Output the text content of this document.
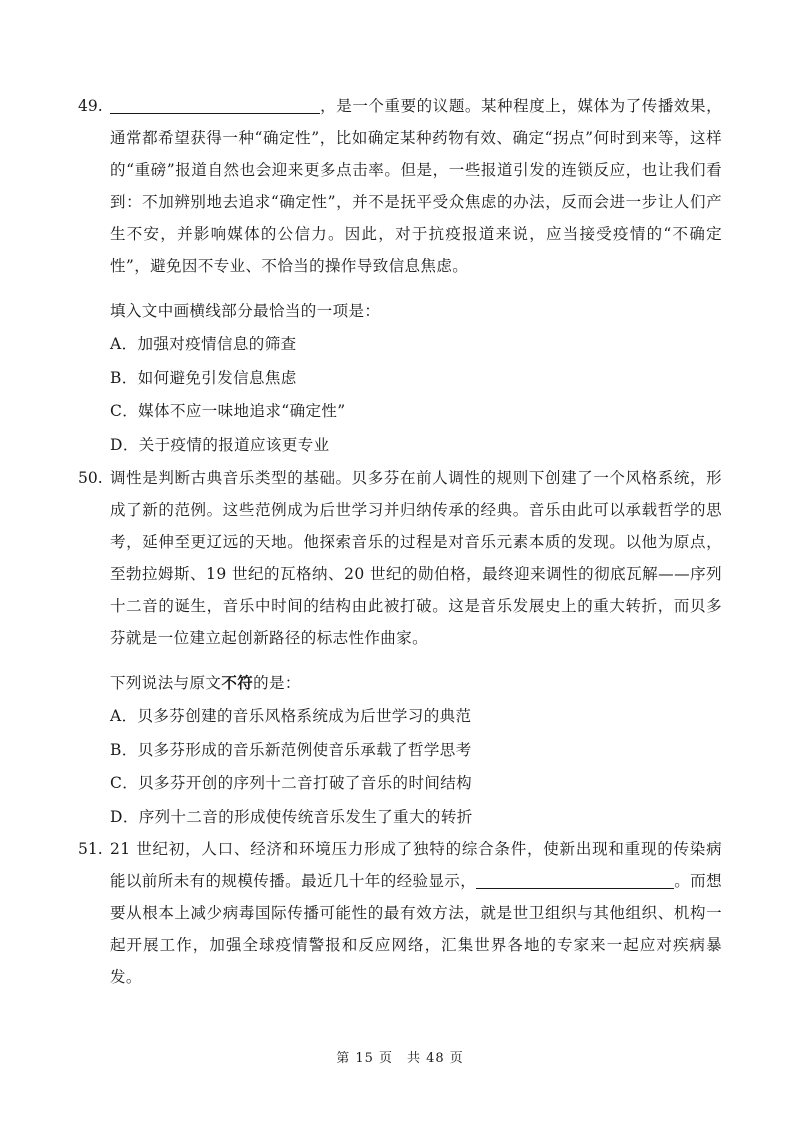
49.	，是一个重要的议题。某种程度上，媒体为了传播效果，通常都希望获得一种“确定性”，比如确定某种药物有效、确定“拐点”何时到来等，这样的“重磅”报道自然也会迎来更多点击率。但是，一些报道引发的连锁反应，也让我们看到：不加辨别地去追求“确定性”，并不是抚平受众焦虑的办法，反而会进一步让人们产生不安，并影响媒体的公信力。因此，对于抗疫报道来说，应当接受疫情的“不确定性”，避免因不专业、不恰当的操作导致信息焦虑。
填入文中画横线部分最恰当的一项是：
A．加强对疫情信息的筛查
B．如何避免引发信息焦虑
C．媒体不应一味地追求“确定性”
D．关于疫情的报道应该更专业
50. 调性是判断古典音乐类型的基础。贝多芬在前人调性的规则下创建了一个风格系统，形成了新的范例。这些范例成为后世学习并归纳传承的经典。音乐由此可以承载哲学的思考，延伸至更辽远的天地。他探索音乐的过程是对音乐元素本质的发现。以他为原点，至勃拉姆斯、19 世纪的瓦格纳、20 世纪的勋伯格，最终迎来调性的彻底瓦解——序列十二音的诞生，音乐中时间的结构由此被打破。这是音乐发展史上的重大转折，而贝多芬就是一位建立起创新路径的标志性作曲家。
下列说法与原文不符的是：
A．贝多芬创建的音乐风格系统成为后世学习的典范
B．贝多芬形成的音乐新范例使音乐承载了哲学思考
C．贝多芬开创的序列十二音打破了音乐的时间结构
D．序列十二音的形成使传统音乐发生了重大的转折
51. 21 世纪初，人口、经济和环境压力形成了独特的综合条件，使新出现和重现的传染病能以前所未有的规模传播。最近几十年的经验显示，	。而想要从根本上减少病毒国际传播可能性的最有效方法，就是世卫组织与其他组织、机构一起开展工作，加强全球疫情警报和反应网络，汇集世界各地的专家来一起应对疾病暴发。
第 15 页　共 48 页
